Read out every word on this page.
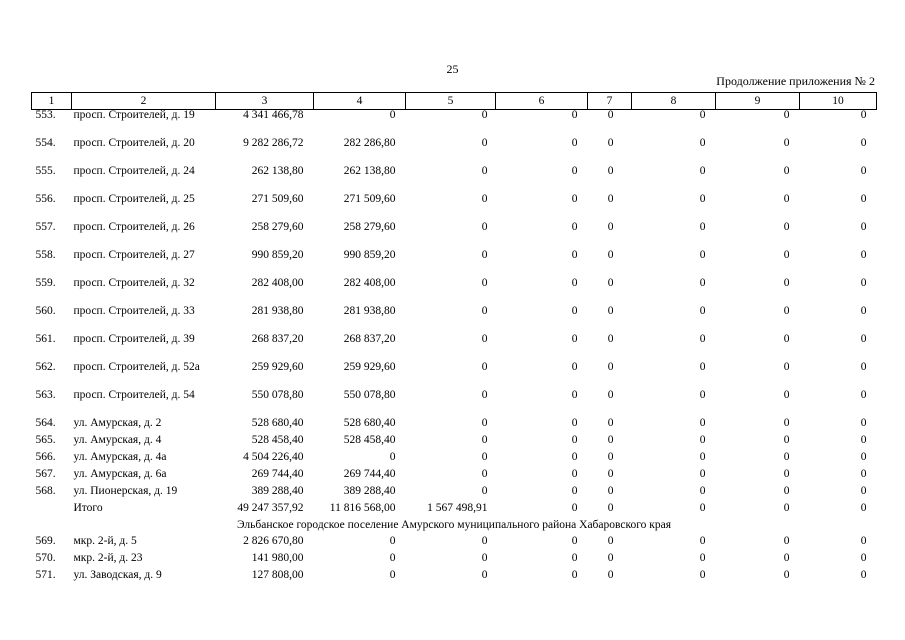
25
Продолжение приложения № 2
1	2	3	4	5	6	7	8	9	10
553.	просп. Строителей, д. 19	4 341 466,78	0	0	0	0	0	0	0
554.	просп. Строителей, д. 20	9 282 286,72	282 286,80	0	0	0	0	0	0
555.	просп. Строителей, д. 24	262 138,80	262 138,80	0	0	0	0	0	0
556.	просп. Строителей, д. 25	271 509,60	271 509,60	0	0	0	0	0	0
557.	просп. Строителей, д. 26	258 279,60	258 279,60	0	0	0	0	0	0
558.	просп. Строителей, д. 27	990 859,20	990 859,20	0	0	0	0	0	0
559.	просп. Строителей, д. 32	282 408,00	282 408,00	0	0	0	0	0	0
560.	просп. Строителей, д. 33	281 938,80	281 938,80	0	0	0	0	0	0
561.	просп. Строителей, д. 39	268 837,20	268 837,20	0	0	0	0	0	0
562.	просп. Строителей, д. 52а	259 929,60	259 929,60	0	0	0	0	0	0
563.	просп. Строителей, д. 54	550 078,80	550 078,80	0	0	0	0	0	0
564.	ул. Амурская, д. 2	528 680,40	528 680,40	0	0	0	0	0	0
565.	ул. Амурская, д. 4	528 458,40	528 458,40	0	0	0	0	0	0
566.	ул. Амурская, д. 4а	4 504 226,40	0	0	0	0	0	0	0
567.	ул. Амурская, д. 6а	269 744,40	269 744,40	0	0	0	0	0	0
568.	ул. Пионерская, д. 19	389 288,40	389 288,40	0	0	0	0	0	0
	Итого	49 247 357,92	11 816 568,00	1 567 498,91	0	0	0	0	0
Эльбанское городское поселение Амурского муниципального района Хабаровского края									
569.	мкр. 2-й, д. 5	2 826 670,80	0	0	0	0	0	0	0
570.	мкр. 2-й, д. 23	141 980,00	0	0	0	0	0	0	0
571.	ул. Заводская, д. 9	127 808,00	0	0	0	0	0	0	0
